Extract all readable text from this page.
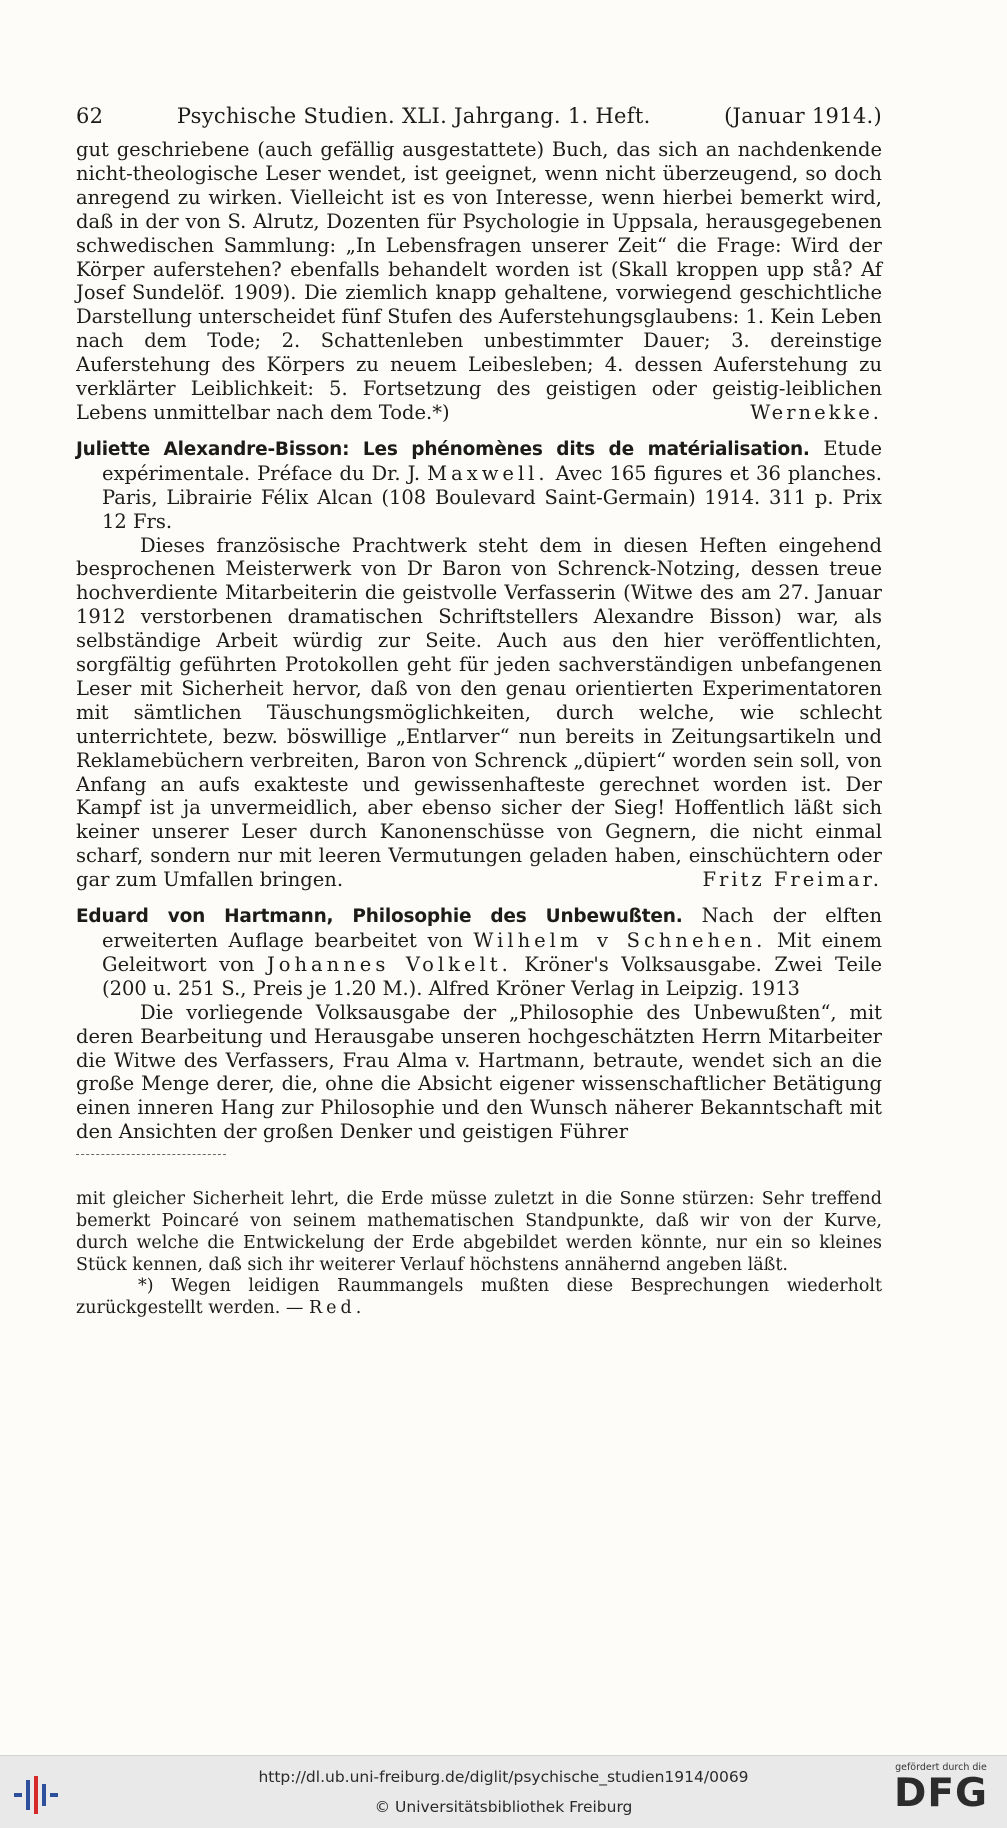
62	Psychische Studien. XLI. Jahrgang. 1. Heft.	(Januar 1914.)

gut geschriebene (auch gefällig ausgestattete) Buch, das sich an nachdenkende nicht-theologische Leser wendet, ist geeignet, wenn nicht überzeugend, so doch anregend zu wirken. Vielleicht ist es von Interesse, wenn hierbei bemerkt wird, daß in der von S. Alrutz, Dozenten für Psychologie in Uppsala, herausgegebenen schwedischen Sammlung: „In Lebensfragen unserer Zeit“ die Frage: Wird der Körper auferstehen? ebenfalls behandelt worden ist (Skall kroppen upp stå? Af Josef Sundelöf. 1909). Die ziemlich knapp gehaltene, vorwiegend geschichtliche Darstellung unterscheidet fünf Stufen des Auferstehungsglaubens: 1. Kein Leben nach dem Tode; 2. Schattenleben unbestimmter Dauer; 3. dereinstige Auferstehung des Körpers zu neuem Leibesleben; 4. dessen Auferstehung zu verklärter Leiblichkeit: 5. Fortsetzung des geistigen oder geistig-leiblichen Lebens unmittelbar nach dem Tode.*)	Wernekke.

Juliette Alexandre-Bisson: Les phénomènes dits de matérialisation. Etude expérimentale. Préface du Dr. J. Maxwell. Avec 165 figures et 36 planches. Paris, Librairie Félix Alcan (108 Boulevard Saint-Germain) 1914. 311 p. Prix 12 Frs.

Dieses französische Prachtwerk steht dem in diesen Heften eingehend besprochenen Meisterwerk von Dr Baron von Schrenck-Notzing, dessen treue hochverdiente Mitarbeiterin die geistvolle Verfasserin (Witwe des am 27. Januar 1912 verstorbenen dramatischen Schriftstellers Alexandre Bisson) war, als selbständige Arbeit würdig zur Seite. Auch aus den hier veröffentlichten, sorgfältig geführten Protokollen geht für jeden sachverständigen unbefangenen Leser mit Sicherheit hervor, daß von den genau orientierten Experimentatoren mit sämtlichen Täuschungsmöglichkeiten, durch welche, wie schlecht unterrichtete, bezw. böswillige „Entlarver“ nun bereits in Zeitungsartikeln und Reklamebüchern verbreiten, Baron von Schrenck „düpiert“ worden sein soll, von Anfang an aufs exakteste und gewissenhafteste gerechnet worden ist. Der Kampf ist ja unvermeidlich, aber ebenso sicher der Sieg! Hoffentlich läßt sich keiner unserer Leser durch Kanonenschüsse von Gegnern, die nicht einmal scharf, sondern nur mit leeren Vermutungen geladen haben, einschüchtern oder gar zum Umfallen bringen.	Fritz Freimar.

Eduard von Hartmann, Philosophie des Unbewußten. Nach der elften erweiterten Auflage bearbeitet von Wilhelm v Schnehen. Mit einem Geleitwort von Johannes Volkelt. Kröner's Volksausgabe. Zwei Teile (200 u. 251 S., Preis je 1.20 M.). Alfred Kröner Verlag in Leipzig. 1913

Die vorliegende Volksausgabe der „Philosophie des Unbewußten“, mit deren Bearbeitung und Herausgabe unseren hochgeschätzten Herrn Mitarbeiter die Witwe des Verfassers, Frau Alma v. Hartmann, betraute, wendet sich an die große Menge derer, die, ohne die Absicht eigener wissenschaftlicher Betätigung einen inneren Hang zur Philosophie und den Wunsch näherer Bekanntschaft mit den Ansichten der großen Denker und geistigen Führer

mit gleicher Sicherheit lehrt, die Erde müsse zuletzt in die Sonne stürzen: Sehr treffend bemerkt Poincaré von seinem mathematischen Standpunkte, daß wir von der Kurve, durch welche die Entwickelung der Erde abgebildet werden könnte, nur ein so kleines Stück kennen, daß sich ihr weiterer Verlauf höchstens annähernd angeben läßt.

*) Wegen leidigen Raummangels mußten diese Besprechungen wiederholt zurückgestellt werden. — Red.

http://dl.ub.uni-freiburg.de/diglit/psychische_studien1914/0069
© Universitätsbibliothek Freiburg
gefördert durch die
DFG
